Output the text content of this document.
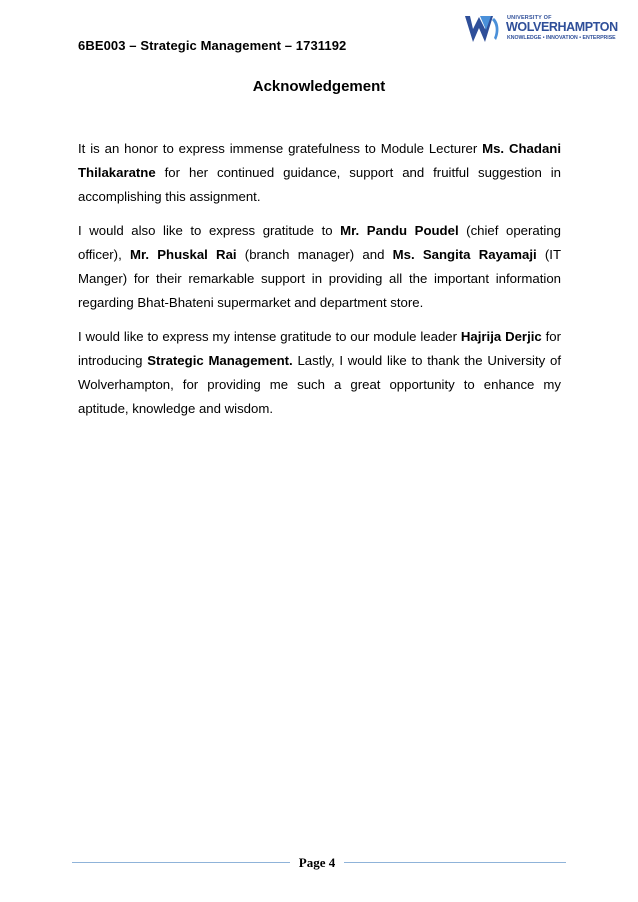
6BE003 – Strategic Management – 1731192
UNIVERSITY OF
WOLVERHAMPTON
KNOWLEDGE • INNOVATION • ENTERPRISE
Acknowledgement

It is an honor to express immense gratefulness to Module Lecturer Ms. Chadani Thilakaratne for her continued guidance, support and fruitful suggestion in accomplishing this assignment.

I would also like to express gratitude to Mr. Pandu Poudel (chief operating officer), Mr. Phuskal Rai (branch manager) and Ms. Sangita Rayamaji (IT Manger) for their remarkable support in providing all the important information regarding Bhat-Bhateni supermarket and department store.

I would like to express my intense gratitude to our module leader Hajrija Derjic for introducing Strategic Management. Lastly, I would like to thank the University of Wolverhampton, for providing me such a great opportunity to enhance my aptitude, knowledge and wisdom.

Page 4
